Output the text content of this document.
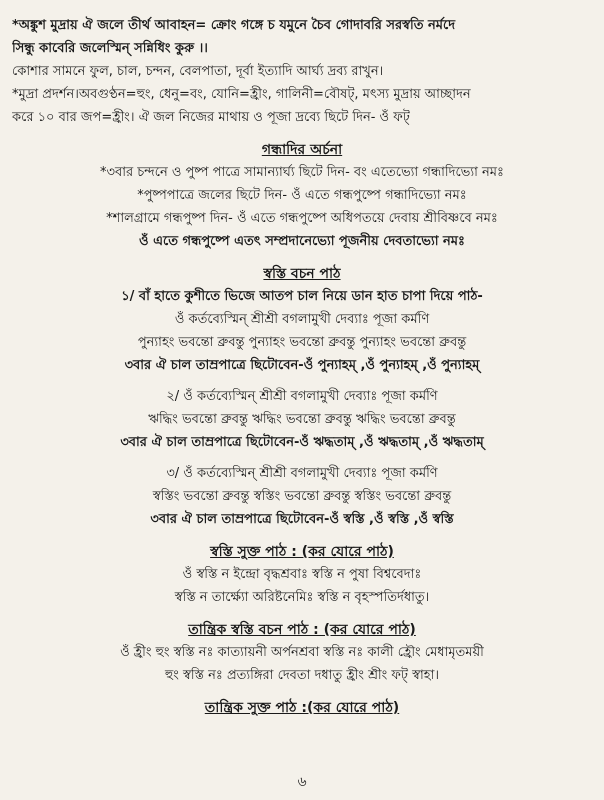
*অঙ্কুশ মুদ্রায় ঐ জলে তীর্থ আবাহন= ক্রোং গঙ্গে চ যমুনে চৈব গোদাবরি সরস্বতি নর্মদে
সিন্ধু কাবেরি জলেস্মিন্‌ সন্নিধিং কুরু ।।
কোশার সামনে ফুল, চাল, চন্দন, বেলপাতা, দূর্বা ইত্যাদি আর্ঘ্য দ্রব্য রাখুন।
*মুদ্রা প্রদর্শন।অবগুণ্ঠন=হুং, ধেনু=বং, যোনি=হ্রীং, গালিনী=বৌষট্‌, মৎস্য মুদ্রায় আচ্ছাদন
করে ১০ বার জপ=হ্রীং। ঐ জল নিজের মাথায় ও পূজা দ্রব্যে ছিটে দিন- ওঁ ফট্‌
গন্ধাদির অর্চনা
*৩বার চন্দনে ও পুষ্প পাত্রে সামান্যার্ঘ্য ছিটে দিন- বং এতেভ্যো গন্ধাদিভ্যো নমঃ
*পুষ্পপাত্রে জলের ছিটে দিন- ওঁ এতে গন্ধপুষ্পে গন্ধাদিভ্যো নমঃ
*শালগ্রামে গন্ধপুষ্প দিন- ওঁ এতে গন্ধপুষ্পে অধিপতয়ে দেবায় শ্রীবিষ্ণবে নমঃ
ওঁ এতে গন্ধপুষ্পে এতৎ সম্প্রদানেভ্যো পূজনীয় দেবতাভ্যো নমঃ
স্বস্তি বচন পাঠ
১/ বাঁ হাতে কুশীতে ভিজে আতপ চাল নিয়ে ডান হাত চাপা দিয়ে পাঠ-
ওঁ কর্তব্যেস্মিন্‌ শ্রীশ্রী বগলামুখী দেব্যাঃ পূজা কর্মণি
পুন্যাহং ভবন্তো ব্রুবন্তু পুন্যাহং ভবন্তো ব্রুবন্তু পুন্যাহং ভবন্তো ব্রুবন্তু
৩বার ঐ চাল তাম্রপাত্রে ছিটোবেন-ওঁ পুন্যাহম্‌ ,ওঁ পুন্যাহম্‌ ,ওঁ পুন্যাহম্‌
২/ ওঁ কর্তব্যেস্মিন্‌ শ্রীশ্রী বগলামুখী দেব্যাঃ পূজা কর্মণি
ঋদ্ধিং ভবন্তো ব্রুবন্তু ঋদ্ধিং ভবন্তো ব্রুবন্তু ঋদ্ধিং ভবন্তো ব্রুবন্তু
৩বার ঐ চাল তাম্রপাত্রে ছিটোবেন-ওঁ ঋদ্ধতাম্‌ ,ওঁ ঋদ্ধতাম্‌ ,ওঁ ঋদ্ধতাম্‌
৩/ ওঁ কর্তব্যেস্মিন্‌ শ্রীশ্রী বগলামুখী দেব্যাঃ পূজা কর্মণি
স্বস্তিং ভবন্তো ব্রুবন্তু স্বস্তিং ভবন্তো ব্রুবন্তু স্বস্তিং ভবন্তো ব্রুবন্তু
৩বার ঐ চাল তাম্রপাত্রে ছিটোবেন-ওঁ স্বস্তি ,ওঁ স্বস্তি ,ওঁ স্বস্তি
স্বস্তি সুক্ত পাঠ : (কর যোরে পাঠ)
ওঁ স্বস্তি ন ইন্দ্রো বৃদ্ধশ্রবাঃ স্বস্তি ন পুষা বিশ্ববেদাঃ
স্বস্তি ন তার্ক্ষ্যো অরিষ্টনেমিঃ স্বস্তি ন বৃহস্পতির্দধাতু।
তান্ত্রিক স্বস্তি বচন পাঠ : (কর যোরে পাঠ)
ওঁ হ্রীং হুং স্বস্তি নঃ কাত্যায়নী অর্পনশ্রবা স্বস্তি নঃ কালী হ্রৌং মেধামৃতময়ী
হুং স্বস্তি নঃ প্রত্যঙ্গিরা দেবতা দধাতু হ্রীং শ্রীং ফট্‌ স্বাহা।
তান্ত্রিক সুক্ত পাঠ :(কর যোরে পাঠ)
৬
